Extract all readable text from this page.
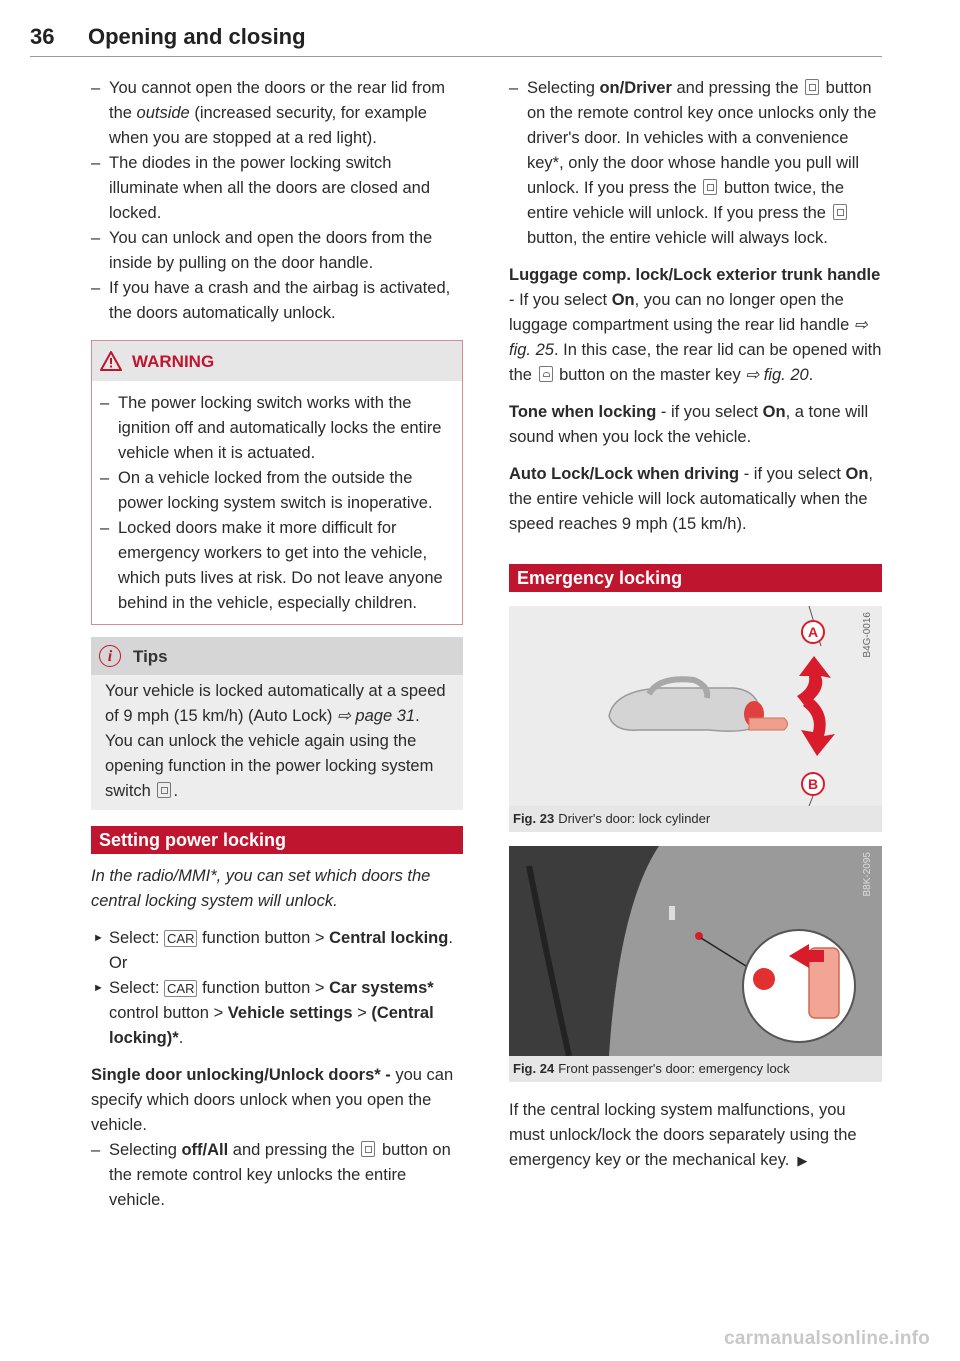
36 Opening and closing
– You cannot open the doors or the rear lid from the outside (increased security, for example when you are stopped at a red light).
– The diodes in the power locking switch illuminate when all the doors are closed and locked.
– You can unlock and open the doors from the inside by pulling on the door handle.
– If you have a crash and the airbag is activated, the doors automatically unlock.
WARNING
– The power locking switch works with the ignition off and automatically locks the entire vehicle when it is actuated.
– On a vehicle locked from the outside the power locking system switch is inoperative.
– Locked doors make it more difficult for emergency workers to get into the vehicle, which puts lives at risk. Do not leave anyone behind in the vehicle, especially children.
i	Tips

Your vehicle is locked automatically at a speed of 9 mph (15 km/h) (Auto Lock) ⇨ page 31. You can unlock the vehicle again using the opening function in the power locking system switch .

Setting power locking

In the radio/MMI*, you can set which doors the central locking system will unlock.

► Select: CAR function button > Central locking. Or
► Select: CAR function button > Car systems* control button > Vehicle settings > (Central locking)*.

Single door unlocking/Unlock doors* - you can specify which doors unlock when you open the vehicle.

– Selecting off/All and pressing the  button on the remote control key unlocks the entire vehicle.
– Selecting on/Driver and pressing the  button on the remote control key once unlocks only the driver's door. In vehicles with a convenience key*, only the door whose handle you pull will unlock. If you press the  button twice, the entire vehicle will unlock. If you press the  button, the entire vehicle will always lock.

Luggage comp. lock/Lock exterior trunk handle - If you select On, you can no longer open the luggage compartment using the rear lid handle ⇨ fig. 25. In this case, the rear lid can be opened with the  button on the master key ⇨ fig. 20.

Tone when locking - if you select On, a tone will sound when you lock the vehicle.

Auto Lock/Lock when driving - if you select On, the entire vehicle will lock automatically when the speed reaches 9 mph (15 km/h).

Emergency locking
A
B
B4G-0016
Fig. 23 Driver's door: lock cylinder
B8K-2095
Fig. 24 Front passenger's door: emergency lock

If the central locking system malfunctions, you must unlock/lock the doors separately using the emergency key or the mechanical key. ▶

carmanualsonline.info
